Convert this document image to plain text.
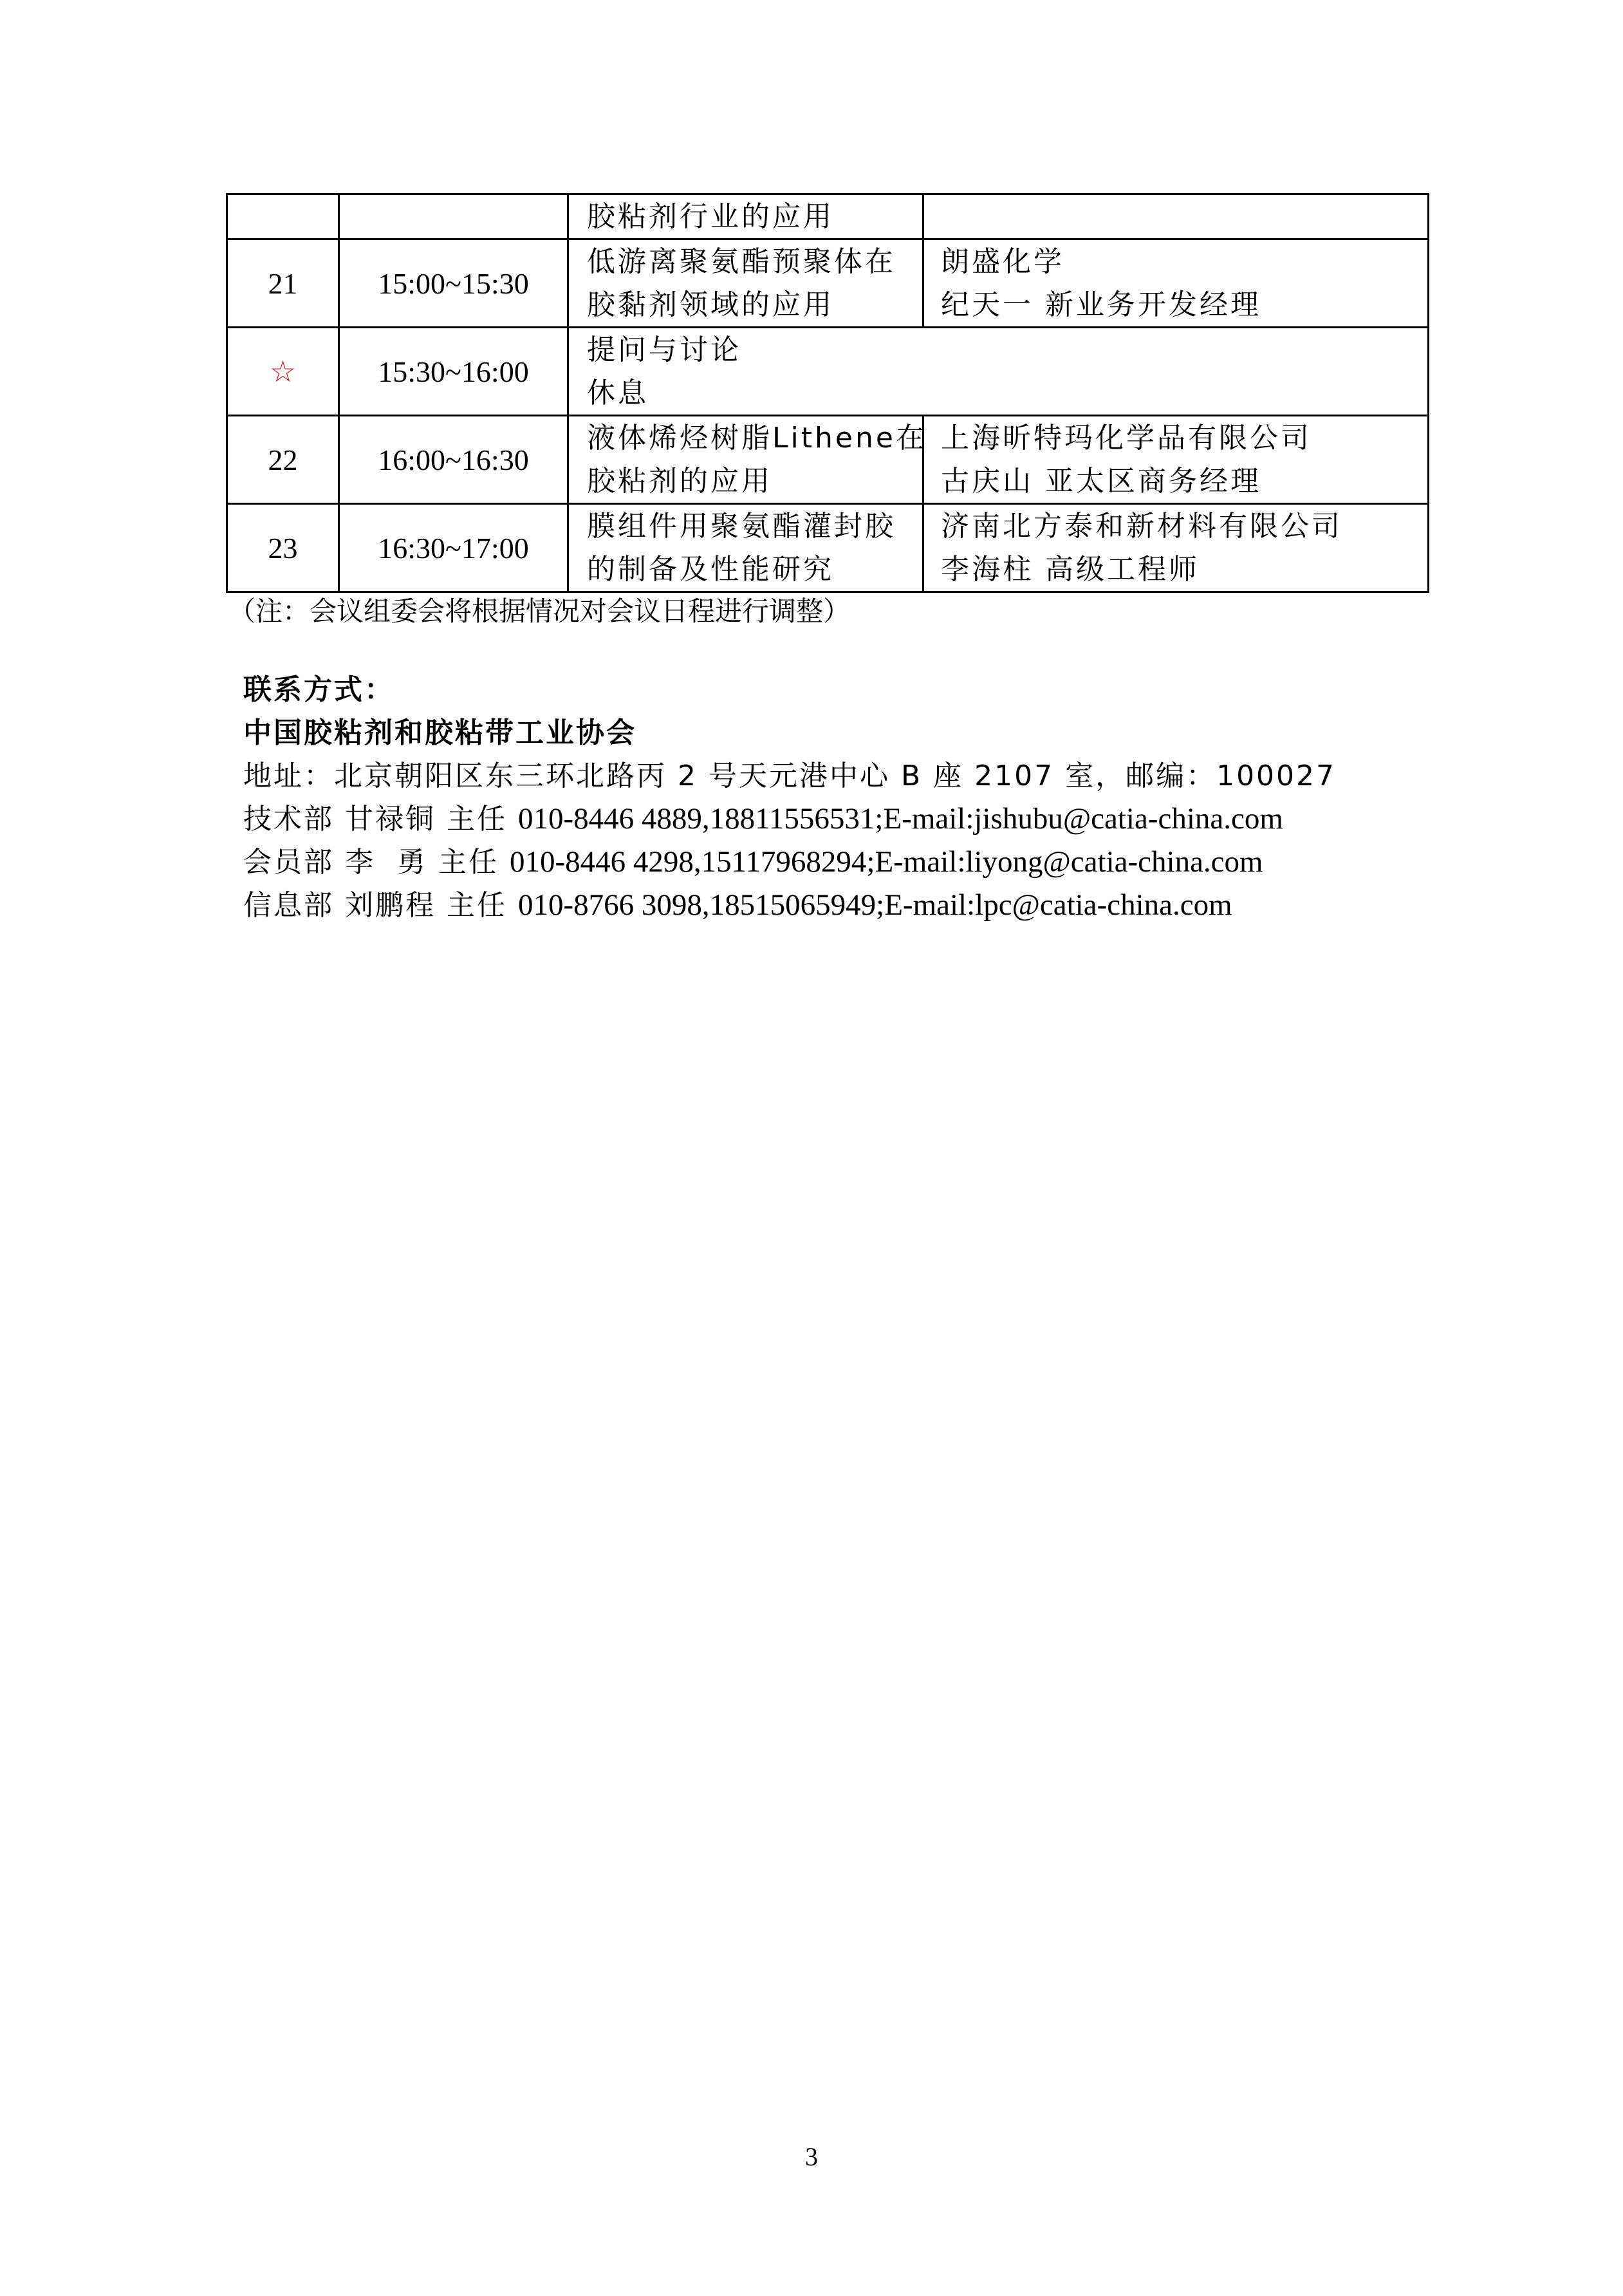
		胶粘剂行业的应用	

21	15:00~15:30	低游离聚氨酯预聚体在
胶黏剂领域的应用	朗盛化学
纪天一 新业务开发经理

☆	15:30~16:00	提问与讨论
休息	

22	16:00~16:30	液体烯烃树脂Lithene在
胶粘剂的应用	上海昕特玛化学品有限公司
古庆山 亚太区商务经理

23	16:30~17:00	膜组件用聚氨酯灌封胶
的制备及性能研究	济南北方泰和新材料有限公司
李海柱 高级工程师
（注：会议组委会将根据情况对会议日程进行调整）
联系方式：
中国胶粘剂和胶粘带工业协会
地址：北京朝阳区东三环北路丙 2 号天元港中心 B 座 2107 室，邮编：100027
技术部 甘禄铜 主任 010-8446 4889,18811556531;E-mail:jishubu@catia-china.com
会员部 李  勇 主任 010-8446 4298,15117968294;E-mail:liyong@catia-china.com
信息部 刘鹏程 主任 010-8766 3098,18515065949;E-mail:lpc@catia-china.com
3
